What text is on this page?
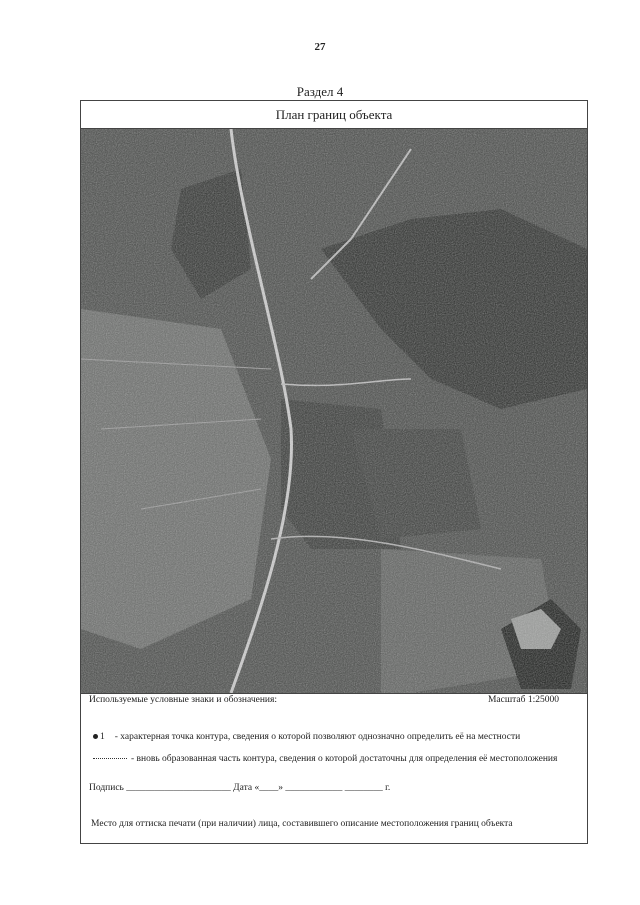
27
Раздел 4
План границ объекта
Используемые условные знаки и обозначения:	Масштаб 1:25000
1 - характерная точка контура, сведения о которой позволяют однозначно определить её на местности
- вновь образованная часть контура, сведения о которой достаточны для определения её местоположения
Подпись ______________________ Дата «____» ____________ ________ г.
Место для оттиска печати (при наличии) лица, составившего описание местоположения границ объекта
